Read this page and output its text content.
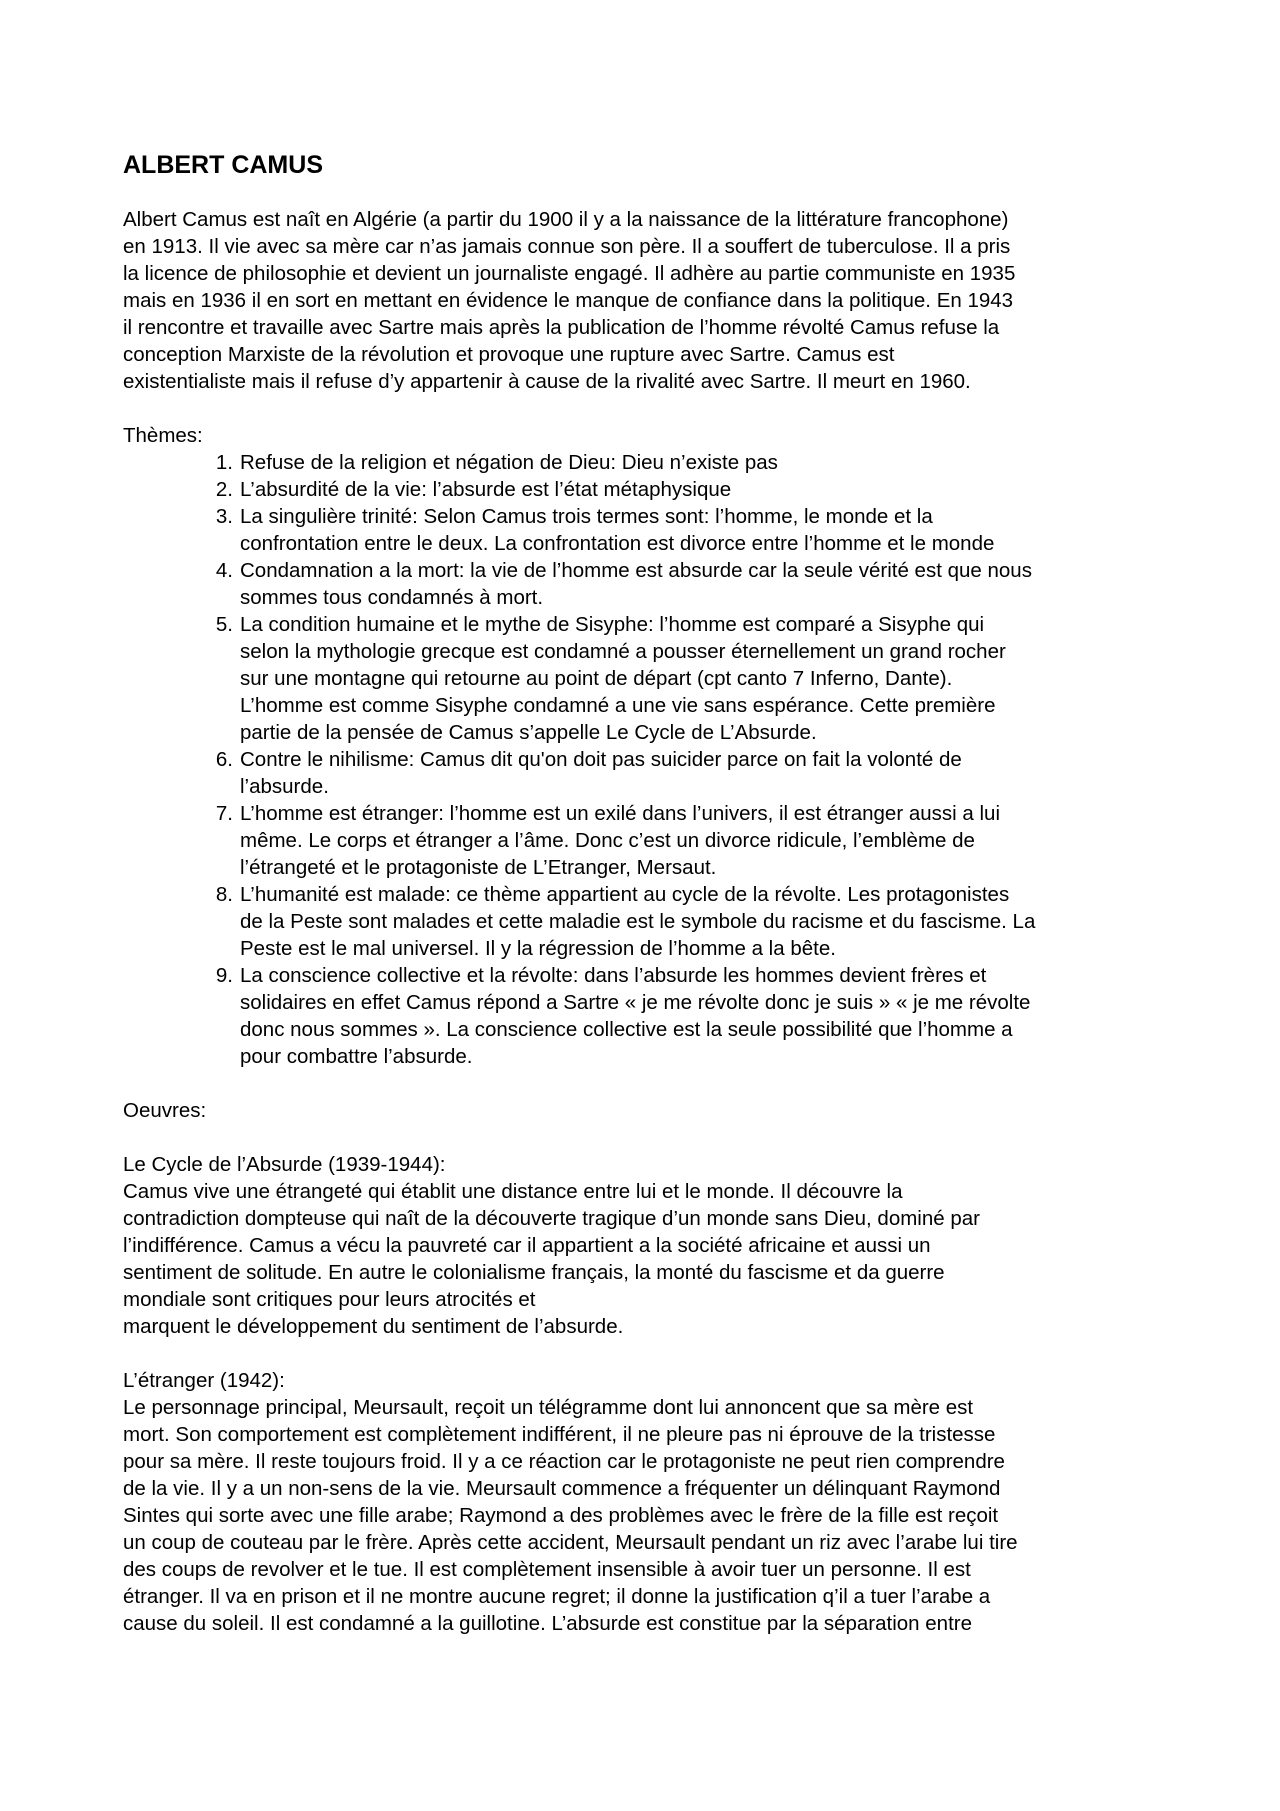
ALBERT CAMUS

Albert Camus est naît en Algérie (a partir du 1900 il y a la naissance de la littérature francophone)
en 1913. Il vie avec sa mère car n’as jamais connue son père. Il a souffert de tuberculose. Il a pris
la licence de philosophie et devient un journaliste engagé. Il adhère au partie communiste en 1935
mais en 1936 il en sort en mettant en évidence le manque de confiance dans la politique. En 1943
il rencontre et travaille avec Sartre mais après la publication de l’homme révolté Camus refuse la
conception Marxiste de la révolution et provoque une rupture avec Sartre. Camus est
existentialiste mais il refuse d’y appartenir à cause de la rivalité avec Sartre. Il meurt en 1960.

Thèmes:

1. Refuse de la religion et négation de Dieu: Dieu n’existe pas
2. L’absurdité de la vie: l’absurde est l’état métaphysique
3. La singulière trinité: Selon Camus trois termes sont: l’homme, le monde et la
confrontation entre le deux. La confrontation est divorce entre l’homme et le monde
4. Condamnation a la mort: la vie de l’homme est absurde car la seule vérité est que nous
sommes tous condamnés à mort.
5. La condition humaine et le mythe de Sisyphe: l’homme est comparé a Sisyphe qui
selon la mythologie grecque est condamné a pousser éternellement un grand rocher
sur une montagne qui retourne au point de départ (cpt canto 7 Inferno, Dante).
L’homme est comme Sisyphe condamné a une vie sans espérance. Cette première
partie de la pensée de Camus s’appelle Le Cycle de L’Absurde.
6. Contre le nihilisme: Camus dit qu'on doit pas suicider parce on fait la volonté de
l’absurde.
7. L’homme est étranger: l’homme est un exilé dans l’univers, il est étranger aussi a lui
même. Le corps et étranger a l’âme. Donc c’est un divorce ridicule, l’emblème de
l’étrangeté et le protagoniste de L’Etranger, Mersaut.
8. L’humanité est malade: ce thème appartient au cycle de la révolte. Les protagonistes
de la Peste sont malades et cette maladie est le symbole du racisme et du fascisme. La
Peste est le mal universel. Il y la régression de l’homme a la bête.
9. La conscience collective et la révolte: dans l’absurde les hommes devient frères et
solidaires en effet Camus répond a Sartre « je me révolte donc je suis » « je me révolte
donc nous sommes ». La conscience collective est la seule possibilité que l’homme a
pour combattre l’absurde.

Oeuvres:

Le Cycle de l’Absurde (1939-1944):

Camus vive une étrangeté qui établit une distance entre lui et le monde. Il découvre la
contradiction dompteuse qui naît de la découverte tragique d’un monde sans Dieu, dominé par
l’indifférence. Camus a vécu la pauvreté car il appartient a la société africaine et aussi un
sentiment de solitude. En autre le colonialisme français, la monté du fascisme et da guerre
mondiale sont critiques pour leurs atrocités et
marquent le développement du sentiment de l’absurde.

L’étranger (1942):

Le personnage principal, Meursault, reçoit un télégramme dont lui annoncent que sa mère est
mort. Son comportement est complètement indifférent, il ne pleure pas ni éprouve de la tristesse
pour sa mère. Il reste toujours froid. Il y a ce réaction car le protagoniste ne peut rien comprendre
de la vie. Il y a un non-sens de la vie. Meursault commence a fréquenter un délinquant Raymond
Sintes qui sorte avec une fille arabe; Raymond a des problèmes avec le frère de la fille est reçoit
un coup de couteau par le frère. Après cette accident, Meursault pendant un riz avec l’arabe lui tire
des coups de revolver et le tue. Il est complètement insensible à avoir tuer un personne. Il est
étranger. Il va en prison et il ne montre aucune regret; il donne la justification q’il a tuer l’arabe a
cause du soleil. Il est condamné a la guillotine. L’absurde est constitue par la séparation entre
